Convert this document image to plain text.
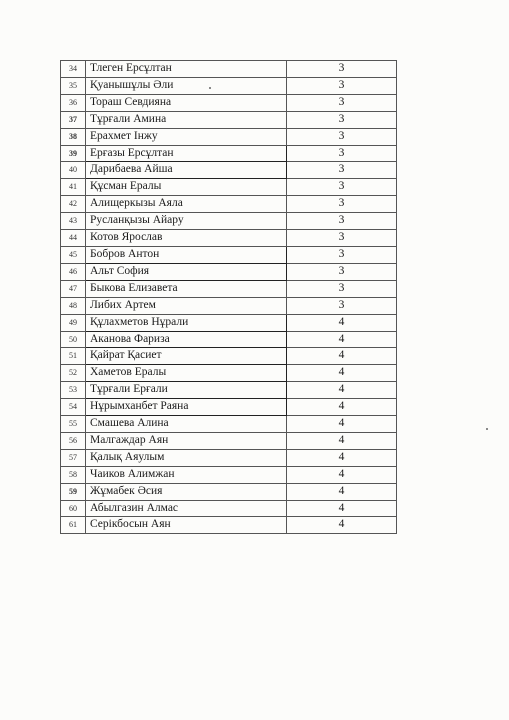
34	Тлеген Ерсұлтан	3
35	Қуанышұлы Әли	3
36	Тораш Севдияна	3
37	Тұрғали Амина	3
38	Ерахмет Інжу	3
39	Ерғазы Ерсұлтан	3
40	Дарибаева Айша	3
41	Құсман Ералы	3
42	Алищеркызы Аяла	3
43	Русланқызы Айару	3
44	Котов Ярослав	3
45	Бобров Антон	3
46	Альт София	3
47	Быкова Елизавета	3
48	Либих Артем	3
49	Құлахметов Нұрали	4
50	Аканова Фариза	4
51	Қайрат Қасиет	4
52	Хаметов Ералы	4
53	Тұрғали Ерғали	4
54	Нұрымханбет Раяна	4
55	Смашева Алина	4
56	Малгаждар Аян	4
57	Қалық Аяулым	4
58	Чаиков Алимжан	4
59	Жұмабек Әсия	4
60	Абылгазин Алмас	4
61	Серікбосын Аян	4
